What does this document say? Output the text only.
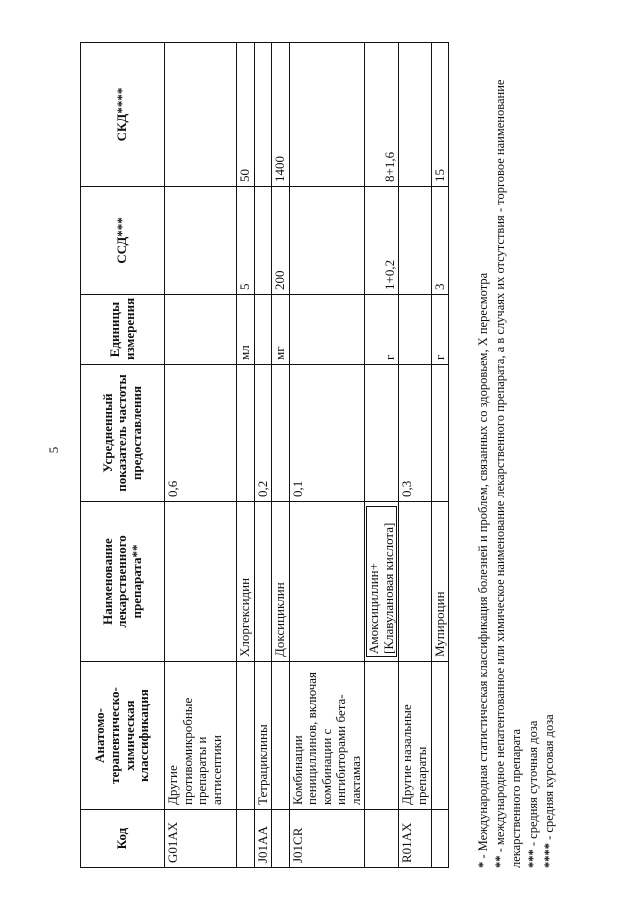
5
Код	Анатомо-терапевтическо-химическая классификация	Наименование лекарственного препарата**	Усредненный показатель частоты предоставления	Единицы измерения	ССД***	СКД****
G01AX	Другие противомикробные препараты и антисептики		0,6			
		Хлоргексидин		мл	5	50
J01AA	Тетрациклины		0,2			
		Доксициклин		мг	200	1400
J01CR	Комбинации пенициллинов, включая комбинации с ингибиторами бета-лактамаз		0,1			
		Амоксициллин+ [Клавулановая кислота]		г	1+0,2	8+1,6
R01AX	Другие назальные препараты		0,3			
		Мупироцин		г	3	15
* - Международная статистическая классификация болезней и проблем, связанных со здоровьем, X пересмотра ** - международное непатентованное или химическое наименование лекарственного препарата, а в случаях их отсутствия - торговое наименование лекарственного препарата *** - средняя суточная доза
**** - средняя курсовая доза
